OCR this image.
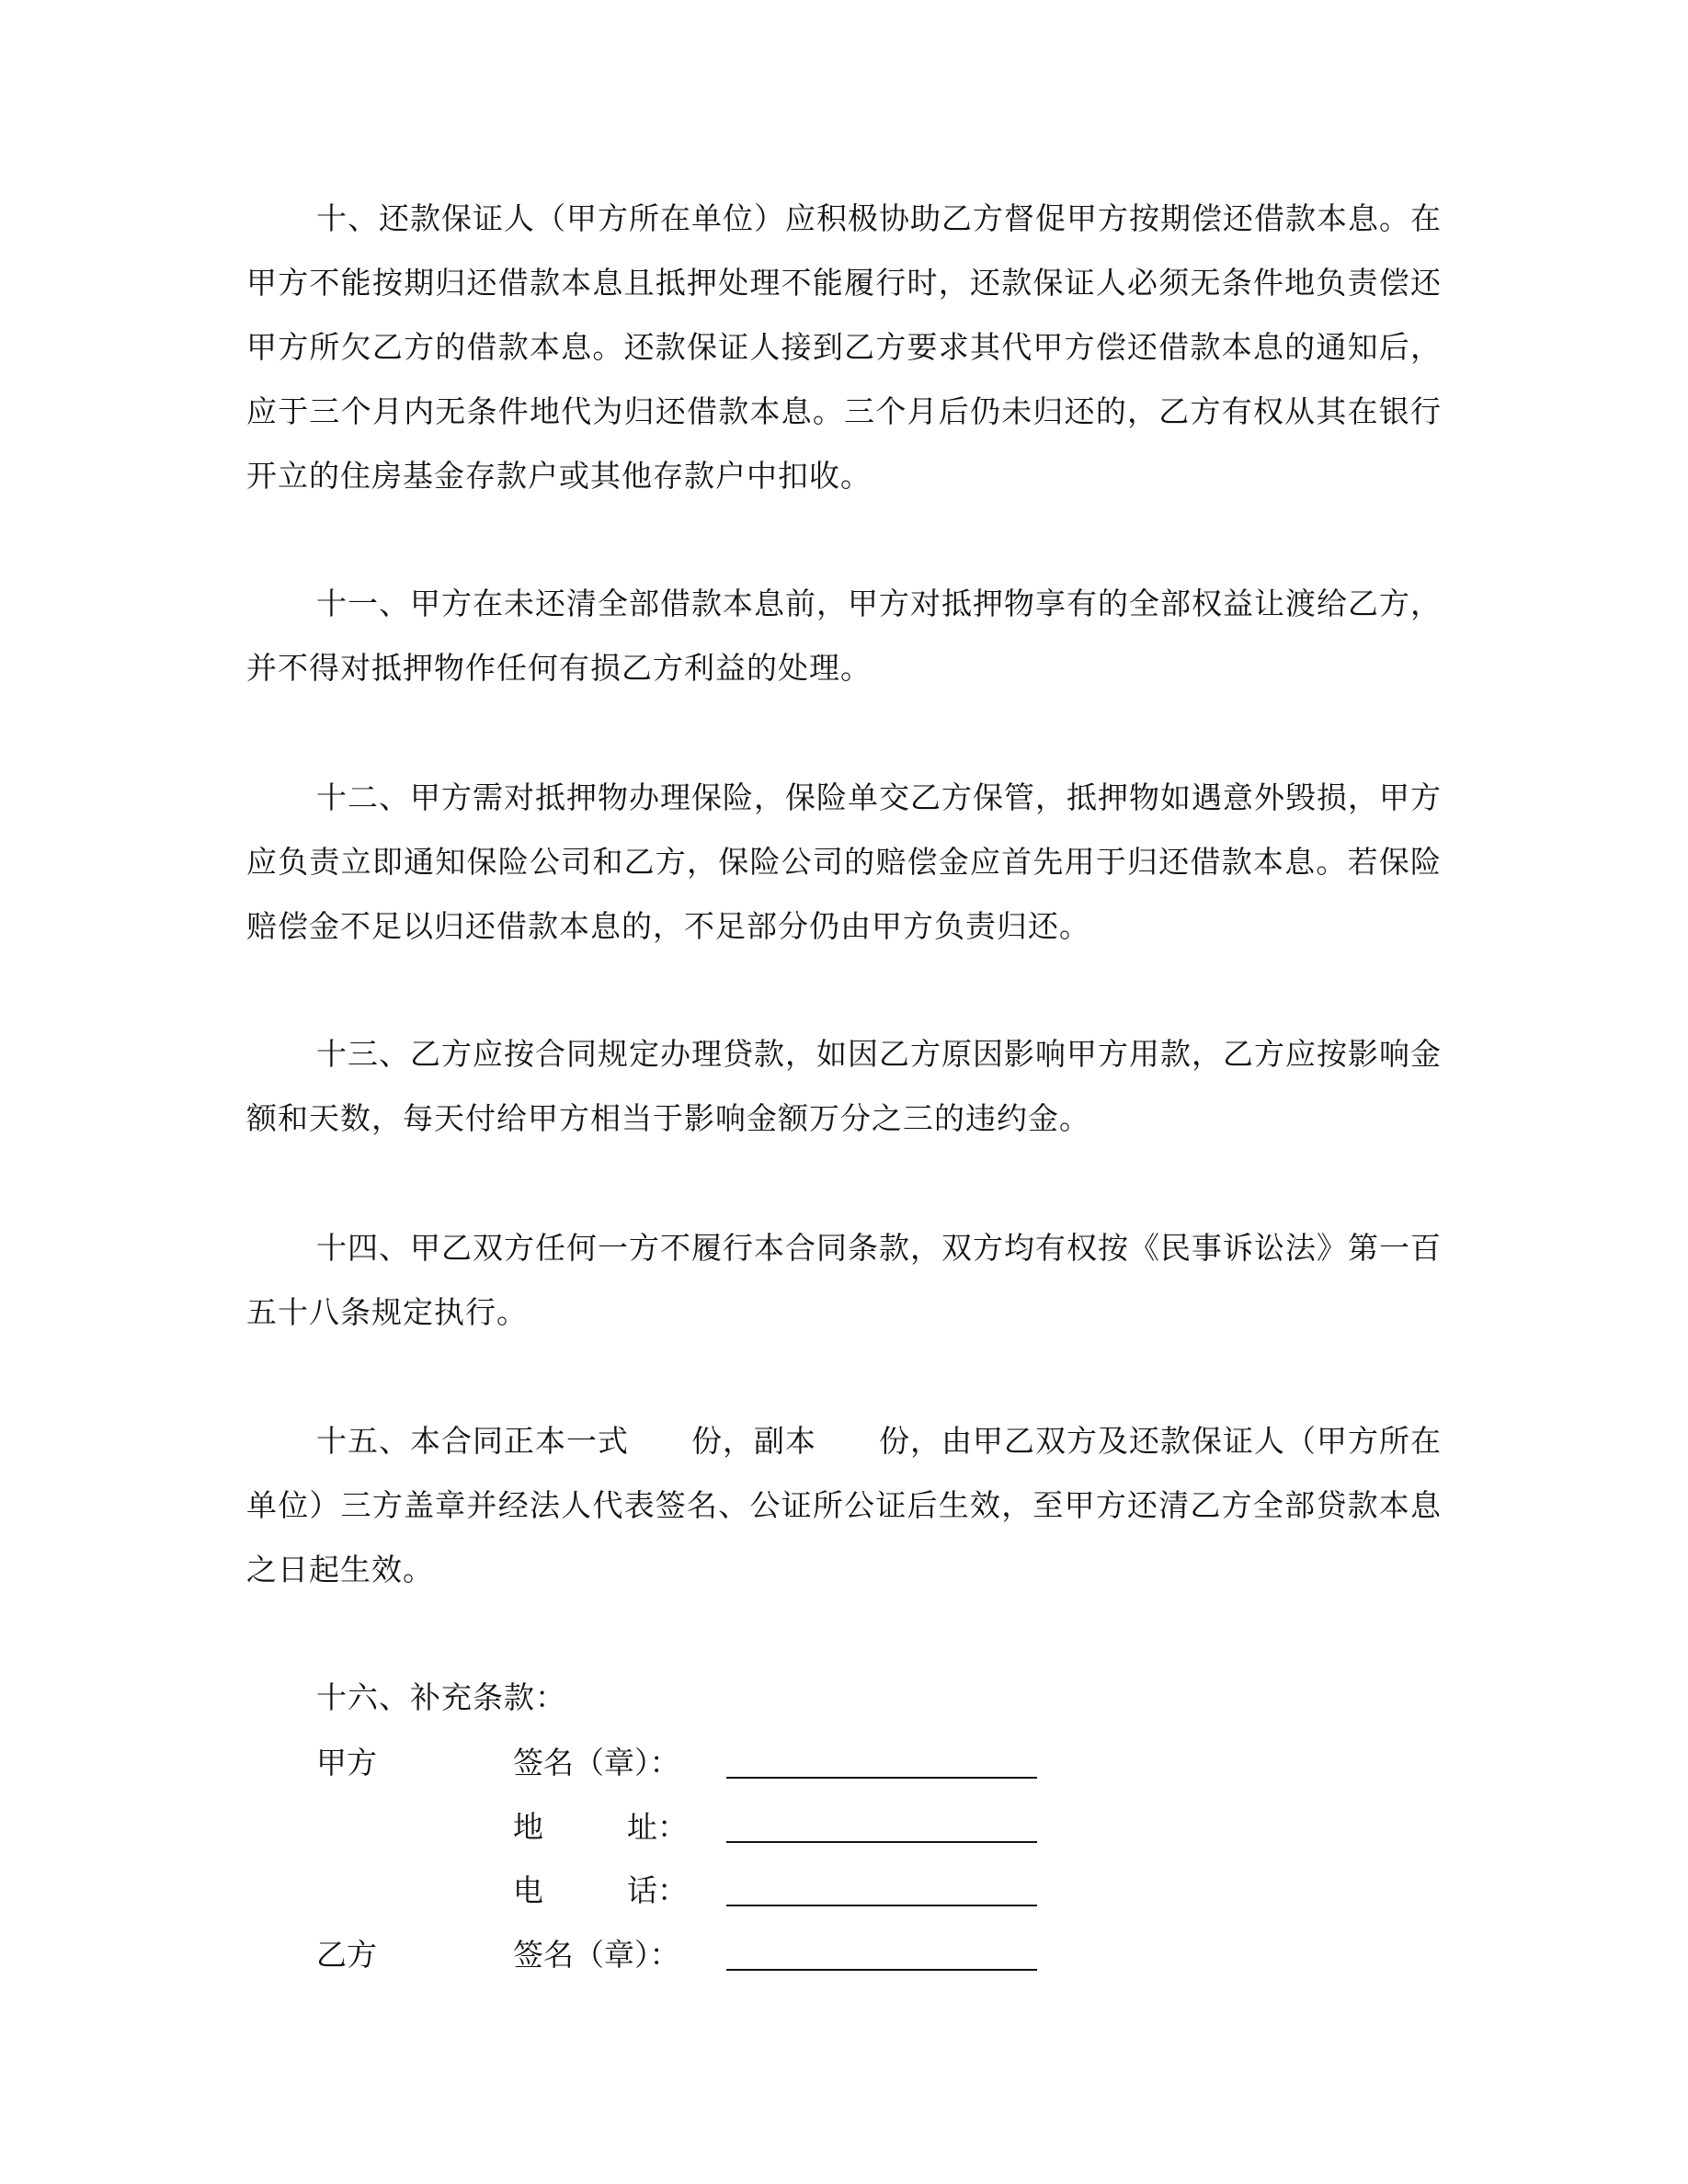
十、还款保证人（甲方所在单位）应积极协助乙方督促甲方按期偿还借款本息。在甲方不能按期归还借款本息且抵押处理不能履行时，还款保证人必须无条件地负责偿还甲方所欠乙方的借款本息。还款保证人接到乙方要求其代甲方偿还借款本息的通知后，应于三个月内无条件地代为归还借款本息。三个月后仍未归还的，乙方有权从其在银行开立的住房基金存款户或其他存款户中扣收。

十一、甲方在未还清全部借款本息前，甲方对抵押物享有的全部权益让渡给乙方，并不得对抵押物作任何有损乙方利益的处理。

十二、甲方需对抵押物办理保险，保险单交乙方保管，抵押物如遇意外毁损，甲方应负责立即通知保险公司和乙方，保险公司的赔偿金应首先用于归还借款本息。若保险赔偿金不足以归还借款本息的，不足部分仍由甲方负责归还。

十三、乙方应按合同规定办理贷款，如因乙方原因影响甲方用款，乙方应按影响金额和天数，每天付给甲方相当于影响金额万分之三的违约金。

十四、甲乙双方任何一方不履行本合同条款，双方均有权按《民事诉讼法》第一百五十八条规定执行。

十五、本合同正本一式　　份，副本　　份，由甲乙双方及还款保证人（甲方所在单位）三方盖章并经法人代表签名、公证所公证后生效，至甲方还清乙方全部贷款本息之日起生效。

十六、补充条款：

甲方	签名（章）：
地	址：
电	话：
乙方	签名（章）：
